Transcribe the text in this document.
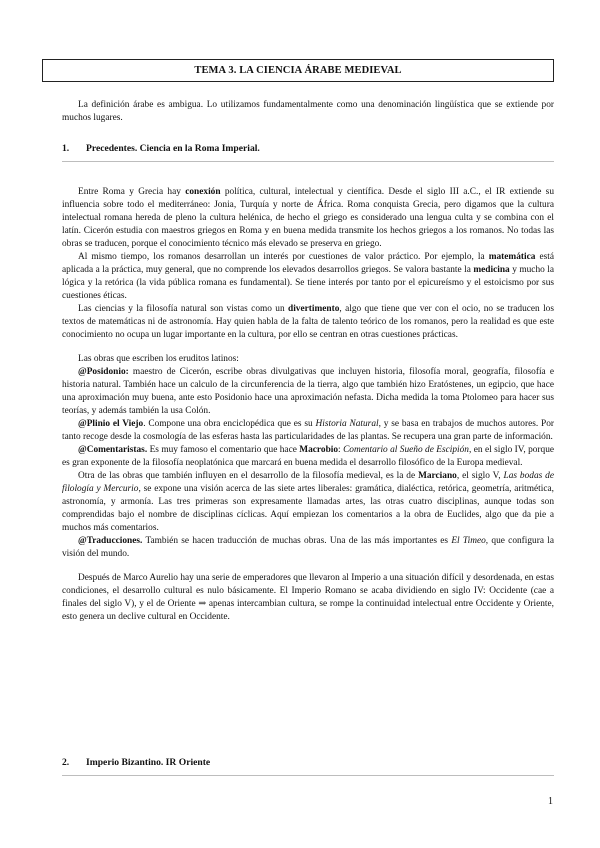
TEMA 3. LA CIENCIA ÁRABE MEDIEVAL

La definición árabe es ambigua. Lo utilizamos fundamentalmente como una denominación lingüística que se extiende por muchos lugares.

1. Precedentes. Ciencia en la Roma Imperial.

Entre Roma y Grecia hay conexión política, cultural, intelectual y científica. Desde el siglo III a.C., el IR extiende su influencia sobre todo el mediterráneo: Jonia, Turquía y norte de África. Roma conquista Grecia, pero digamos que la cultura intelectual romana hereda de pleno la cultura helénica, de hecho el griego es considerado una lengua culta y se combina con el latín. Cicerón estudia con maestros griegos en Roma y en buena medida transmite los hechos griegos a los romanos. No todas las obras se traducen, porque el conocimiento técnico más elevado se preserva en griego.

Al mismo tiempo, los romanos desarrollan un interés por cuestiones de valor práctico. Por ejemplo, la matemática está aplicada a la práctica, muy general, que no comprende los elevados desarrollos griegos. Se valora bastante la medicina y mucho la lógica y la retórica (la vida pública romana es fundamental). Se tiene interés por tanto por el epicureísmo y el estoicismo por sus cuestiones éticas.

Las ciencias y la filosofía natural son vistas como un divertimento, algo que tiene que ver con el ocio, no se traducen los textos de matemáticas ni de astronomía. Hay quien habla de la falta de talento teórico de los romanos, pero la realidad es que este conocimiento no ocupa un lugar importante en la cultura, por ello se centran en otras cuestiones prácticas.

Las obras que escriben los eruditos latinos:

@Posidonio: maestro de Cicerón, escribe obras divulgativas que incluyen historia, filosofía moral, geografía, filosofía e historia natural. También hace un calculo de la circunferencia de la tierra, algo que también hizo Eratóstenes, un egipcio, que hace una aproximación muy buena, ante esto Posidonio hace una aproximación nefasta. Dicha medida la toma Ptolomeo para hacer sus teorías, y además también la usa Colón.

@Plinio el Viejo. Compone una obra enciclopédica que es su Historia Natural, y se basa en trabajos de muchos autores. Por tanto recoge desde la cosmología de las esferas hasta las particularidades de las plantas. Se recupera una gran parte de información.

@Comentaristas. Es muy famoso el comentario que hace Macrobio: Comentario al Sueño de Escipión, en el siglo IV, porque es gran exponente de la filosofía neoplatónica que marcará en buena medida el desarrollo filosófico de la Europa medieval.

Otra de las obras que también influyen en el desarrollo de la filosofía medieval, es la de Marciano, el siglo V, Las bodas de filología y Mercurio, se expone una visión acerca de las siete artes liberales: gramática, dialéctica, retórica, geometría, aritmética, astronomía, y armonía. Las tres primeras son expresamente llamadas artes, las otras cuatro disciplinas, aunque todas son comprendidas bajo el nombre de disciplinas cíclicas. Aquí empiezan los comentarios a la obra de Euclides, algo que da pie a muchos más comentarios.

@Traducciones. También se hacen traducción de muchas obras. Una de las más importantes es El Timeo, que configura la visión del mundo.

Después de Marco Aurelio hay una serie de emperadores que llevaron al Imperio a una situación difícil y desordenada, en estas condiciones, el desarrollo cultural es nulo básicamente. El Imperio Romano se acaba dividiendo en siglo IV: Occidente (cae a finales del siglo V), y el de Oriente ⇒ apenas intercambian cultura, se rompe la continuidad intelectual entre Occidente y Oriente, esto genera un declive cultural en Occidente.

2. Imperio Bizantino. IR Oriente
1
